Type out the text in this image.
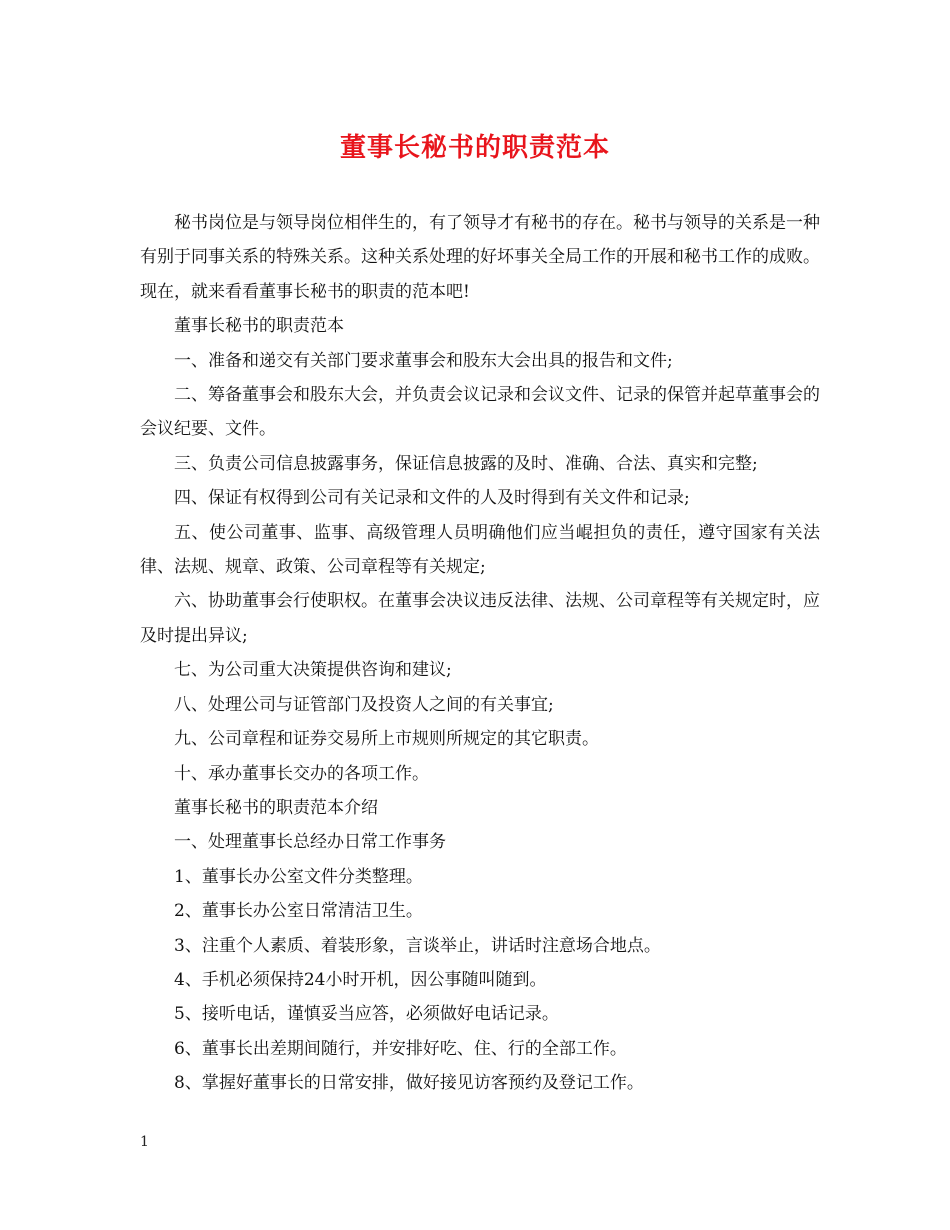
董事长秘书的职责范本

秘书岗位是与领导岗位相伴生的，有了领导才有秘书的存在。秘书与领导的关系是一种有别于同事关系的特殊关系。这种关系处理的好坏事关全局工作的开展和秘书工作的成败。现在，就来看看董事长秘书的职责的范本吧!

董事长秘书的职责范本

一、准备和递交有关部门要求董事会和股东大会出具的报告和文件;

二、筹备董事会和股东大会，并负责会议记录和会议文件、记录的保管并起草董事会的会议纪要、文件。

三、负责公司信息披露事务，保证信息披露的及时、准确、合法、真实和完整;

四、保证有权得到公司有关记录和文件的人及时得到有关文件和记录;

五、使公司董事、监事、高级管理人员明确他们应当崐担负的责任，遵守国家有关法律、法规、规章、政策、公司章程等有关规定;

六、协助董事会行使职权。在董事会决议违反法律、法规、公司章程等有关规定时，应及时提出异议;

七、为公司重大决策提供咨询和建议;

八、处理公司与证管部门及投资人之间的有关事宜;

九、公司章程和证券交易所上市规则所规定的其它职责。

十、承办董事长交办的各项工作。

董事长秘书的职责范本介绍

一、处理董事长总经办日常工作事务

1、董事长办公室文件分类整理。

2、董事长办公室日常清洁卫生。

3、注重个人素质、着装形象，言谈举止，讲话时注意场合地点。

4、手机必须保持24小时开机，因公事随叫随到。

5、接听电话，谨慎妥当应答，必须做好电话记录。

6、董事长出差期间随行，并安排好吃、住、行的全部工作。

8、掌握好董事长的日常安排，做好接见访客预约及登记工作。

1
